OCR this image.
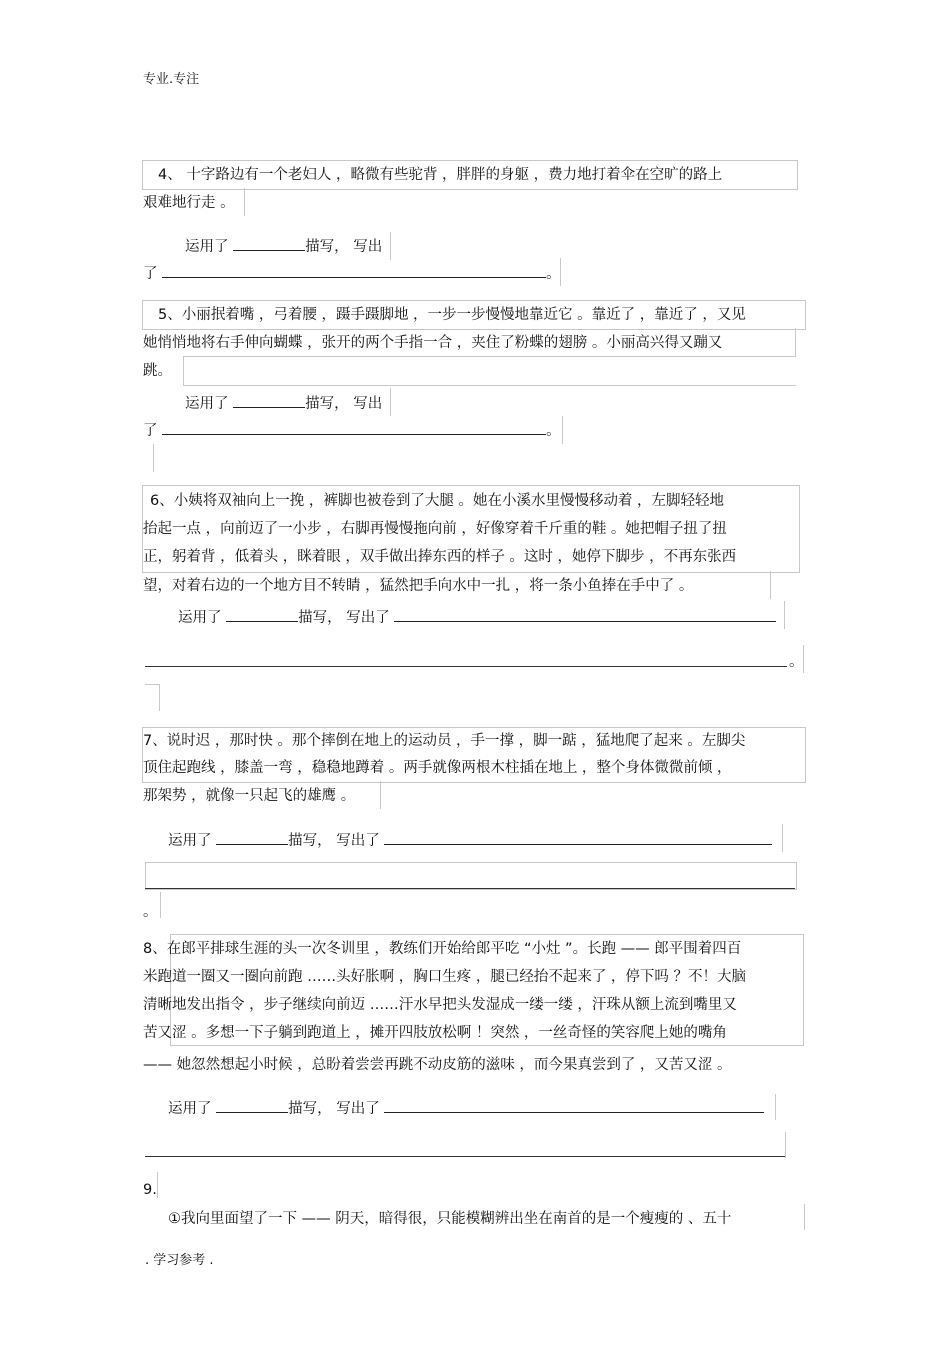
专业.专注
4、 十字路边有一个老妇人 ，略微有些驼背 ，胖胖的身躯 ，费力地打着伞在空旷的路上
艰难地行走 。
运用了	描写， 写出
了	。
5、小丽抿着嘴 ，弓着腰 ，蹑手蹑脚地 ，一步一步慢慢地靠近它 。靠近了 ，靠近了 ，又见
她悄悄地将右手伸向蝴蝶 ，张开的两个手指一合 ，夹住了粉蝶的翅膀 。小丽高兴得又蹦又
跳。
运用了	描写， 写出
了	。
6、小姨将双袖向上一挽 ，裤脚也被卷到了大腿 。她在小溪水里慢慢移动着 ，左脚轻轻地
抬起一点 ，向前迈了一小步 ，右脚再慢慢拖向前 ，好像穿着千斤重的鞋 。她把帽子扭了扭
正，躬着背 ，低着头 ，眯着眼 ，双手做出捧东西的样子 。这时 ，她停下脚步 ，不再东张西
望，对着右边的一个地方目不转睛 ，猛然把手向水中一扎 ，将一条小鱼捧在手中了 。
运用了	描写， 写出了
。
7、说时迟 ，那时快 。那个摔倒在地上的运动员 ，手一撑 ，脚一踮 ，猛地爬了起来 。左脚尖
顶住起跑线 ，膝盖一弯 ，稳稳地蹲着 。两手就像两根木柱插在地上 ，整个身体微微前倾 ，
那架势 ，就像一只起飞的雄鹰 。
运用了	描写， 写出了
。
8、在郎平排球生涯的头一次冬训里 ，教练们开始给郎平吃 “小灶 ”。长跑 —— 郎平围着四百
米跑道一圈又一圈向前跑 ……头好胀啊 ，胸口生疼 ，腿已经抬不起来了 ，停下吗 ？不！大脑
清晰地发出指令 ，步子继续向前迈 ……汗水早把头发湿成一缕一缕 ，汗珠从额上流到嘴里又
苦又涩 。多想一下子躺到跑道上 ，摊开四肢放松啊 ！突然 ，一丝奇怪的笑容爬上她的嘴角
—— 她忽然想起小时候 ，总盼着尝尝再跳不动皮筋的滋味 ，而今果真尝到了 ，又苦又涩 。
运用了	描写， 写出了
9.
①我向里面望了一下 —— 阴天，暗得很，只能模糊辨出坐在南首的是一个瘦瘦的 、五十
. 学习参考 .
